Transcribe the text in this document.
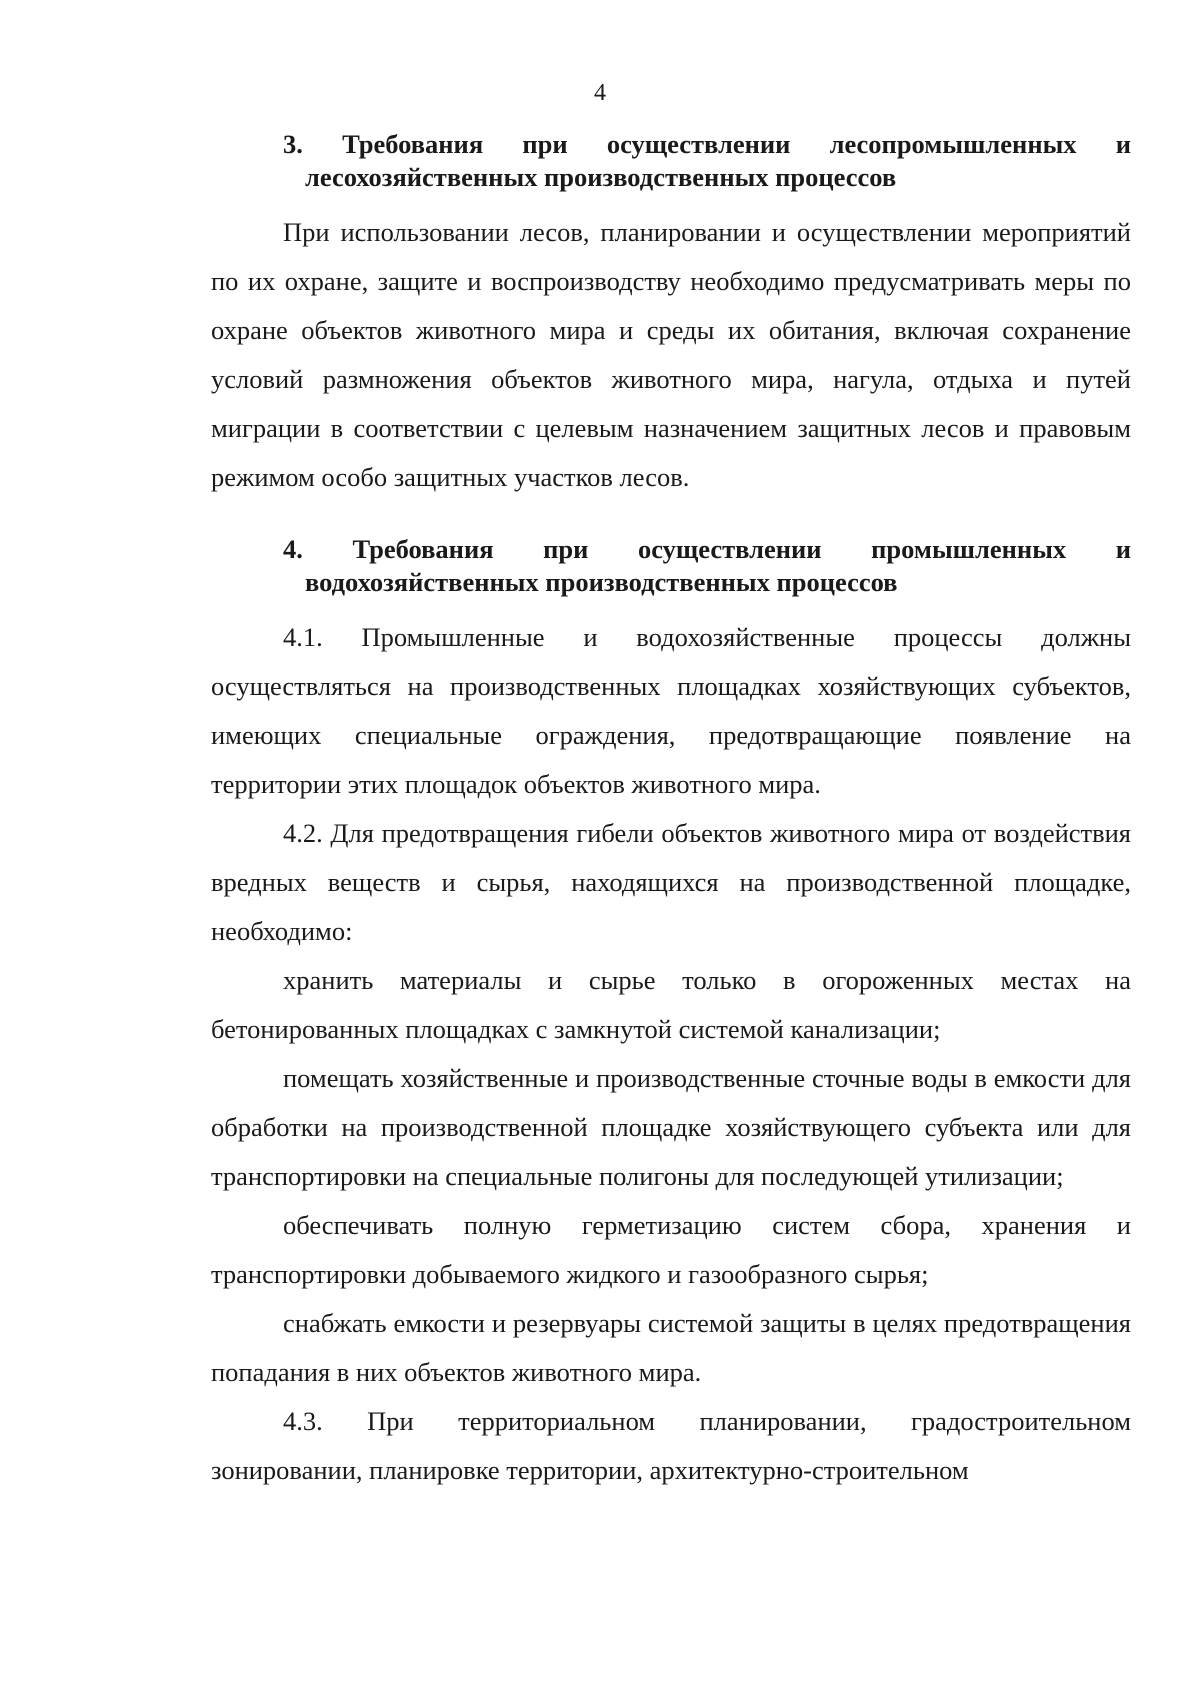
4
3. Требования при осуществлении лесопромышленных и
лесохозяйственных производственных процессов

При использовании лесов, планировании и осуществлении мероприятий по их охране, защите и воспроизводству необходимо предусматривать меры по охране объектов животного мира и среды их обитания, включая сохранение условий размножения объектов животного мира, нагула, отдыха и путей миграции в соответствии с целевым назначением защитных лесов и правовым режимом особо защитных участков лесов.

4. Требования при осуществлении промышленных и
водохозяйственных производственных процессов

4.1. Промышленные и водохозяйственные процессы должны осуществляться на производственных площадках хозяйствующих субъектов, имеющих специальные ограждения, предотвращающие появление на территории этих площадок объектов животного мира.

4.2. Для предотвращения гибели объектов животного мира от воздействия вредных веществ и сырья, находящихся на производственной площадке, необходимо:

хранить материалы и сырье только в огороженных местах на бетонированных площадках с замкнутой системой канализации;

помещать хозяйственные и производственные сточные воды в емкости для обработки на производственной площадке хозяйствующего субъекта или для транспортировки на специальные полигоны для последующей утилизации;

обеспечивать полную герметизацию систем сбора, хранения и транспортировки добываемого жидкого и газообразного сырья;

снабжать емкости и резервуары системой защиты в целях предотвращения попадания в них объектов животного мира.

4.3. При территориальном планировании, градостроительном зонировании, планировке территории, архитектурно-строительном
